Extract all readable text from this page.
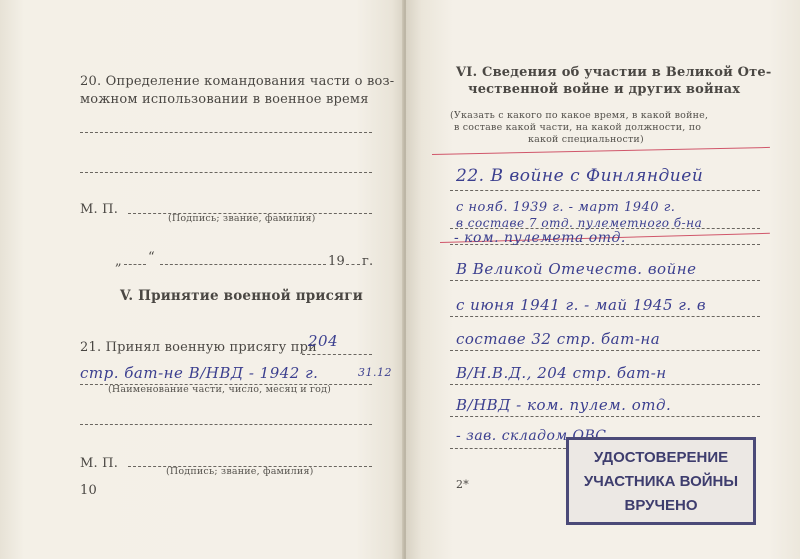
20. Определение командования части о воз-
можном использовании в военное время
М. П.
(Подпись; звание, фамилия)
„ “	19 г.
V. Принятие военной присяги
21. Принял военную присягу при
204
стр. бат-не В/НВД - 1942 г.	31.12
(Наименование части, число, месяц и год)
М. П.
(Подпись; звание, фамилия)
10
VI. Сведения об участии в Великой Оте-
чественной войне и других войнах
(Указать с какого по какое время, в какой войне,
в составе какой части, на какой должности, по
какой специальности)
22. В войне с Финляндией
с нояб. 1939 г. - март 1940 г.
в составе 7 отд. пулеметного б-на
- ком. пулемета отд.
В Великой Отечеств. войне
с июня 1941 г. - май 1945 г. в
составе 32 стр. бат-на
В/Н.В.Д., 204 стр. бат-н
В/НВД - ком. пулем. отд.
- зав. складом ОВС
2*
УДОСТОВЕРЕНИЕ
УЧАСТНИКА ВОЙНЫ
ВРУЧЕНО
